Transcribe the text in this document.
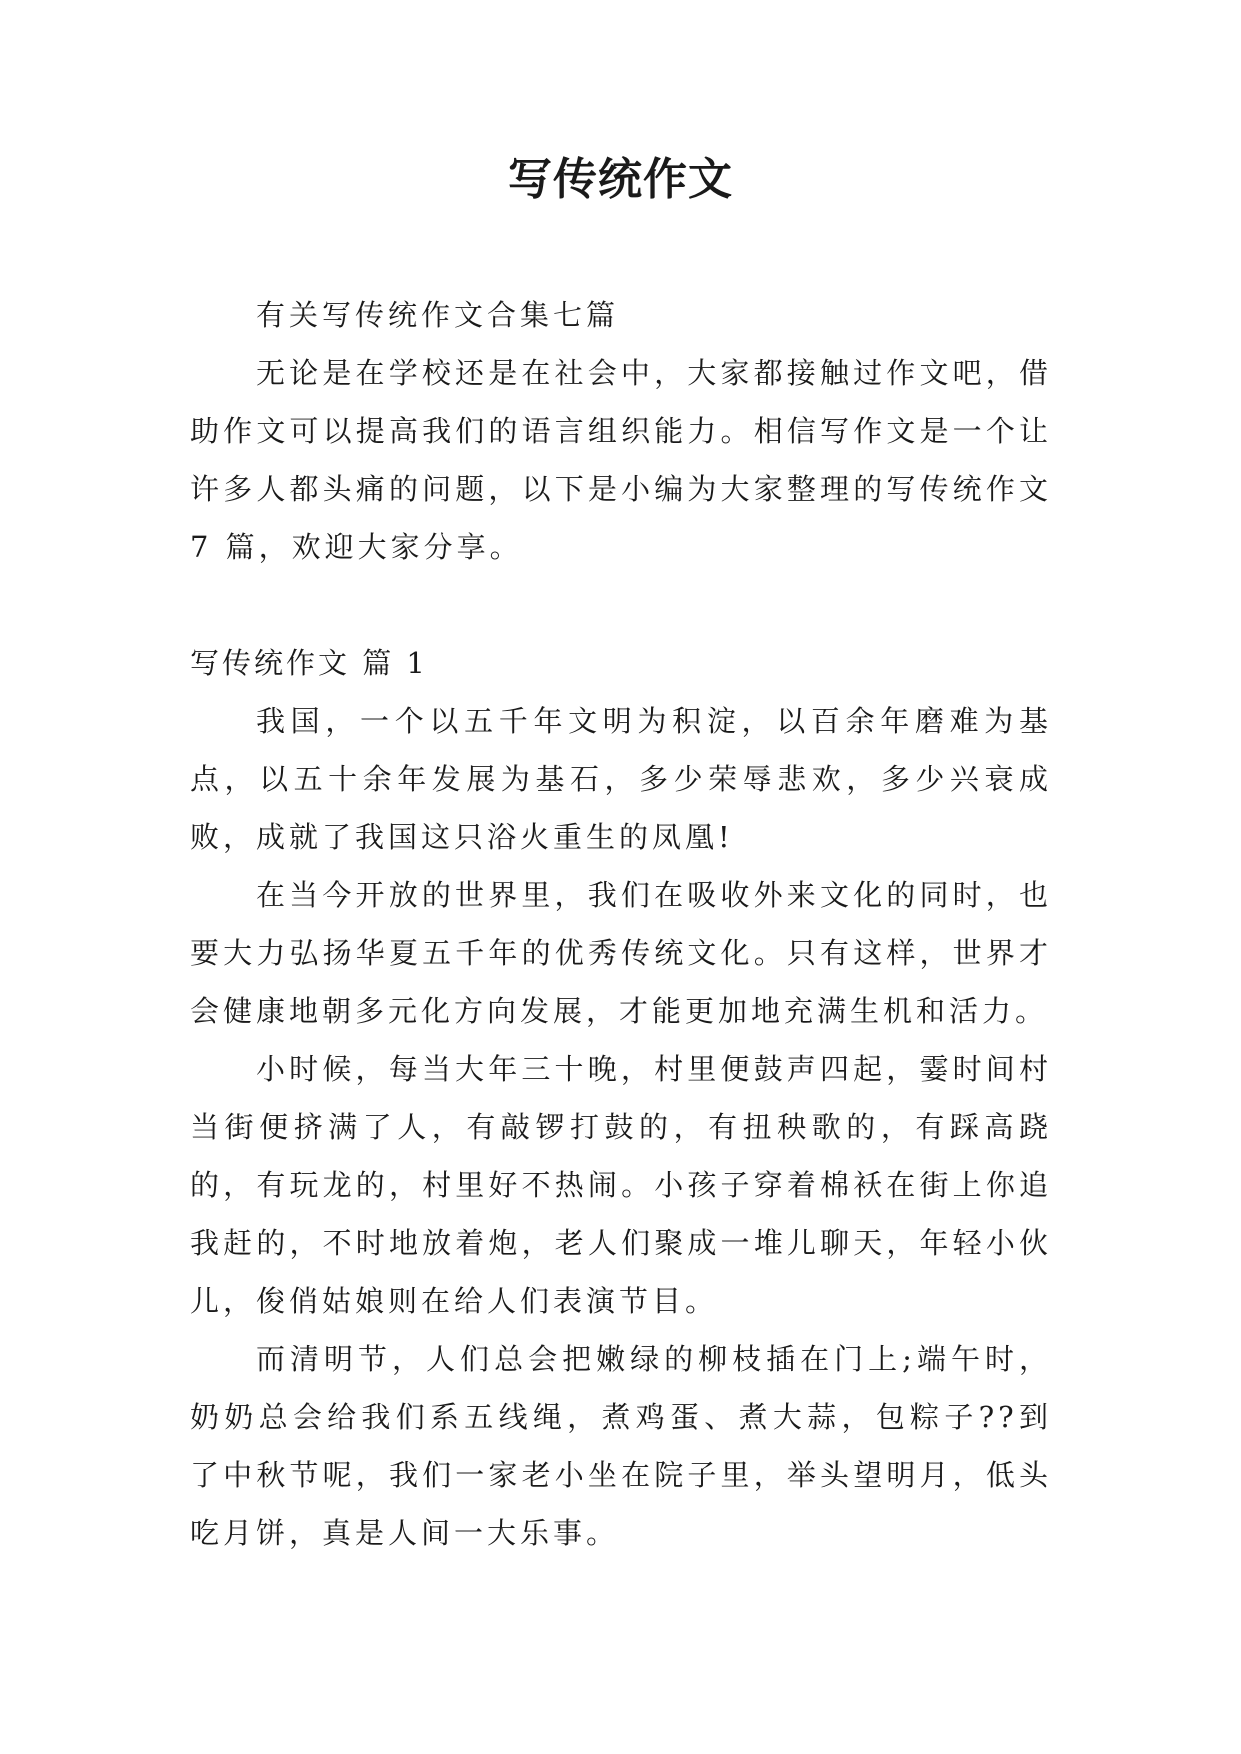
写传统作文

有关写传统作文合集七篇

无论是在学校还是在社会中，大家都接触过作文吧，借助作文可以提高我们的语言组织能力。相信写作文是一个让许多人都头痛的问题，以下是小编为大家整理的写传统作文 7 篇，欢迎大家分享。

写传统作文 篇 1

我国，一个以五千年文明为积淀，以百余年磨难为基点，以五十余年发展为基石，多少荣辱悲欢，多少兴衰成败，成就了我国这只浴火重生的凤凰!

在当今开放的世界里，我们在吸收外来文化的同时，也要大力弘扬华夏五千年的优秀传统文化。只有这样，世界才会健康地朝多元化方向发展，才能更加地充满生机和活力。

小时候，每当大年三十晚，村里便鼓声四起，霎时间村当街便挤满了人，有敲锣打鼓的，有扭秧歌的，有踩高跷的，有玩龙的，村里好不热闹。小孩子穿着棉袄在街上你追我赶的，不时地放着炮，老人们聚成一堆儿聊天，年轻小伙儿，俊俏姑娘则在给人们表演节目。

而清明节，人们总会把嫩绿的柳枝插在门上;端午时，奶奶总会给我们系五线绳，煮鸡蛋、煮大蒜，包粽子??到了中秋节呢，我们一家老小坐在院子里，举头望明月，低头吃月饼，真是人间一大乐事。
